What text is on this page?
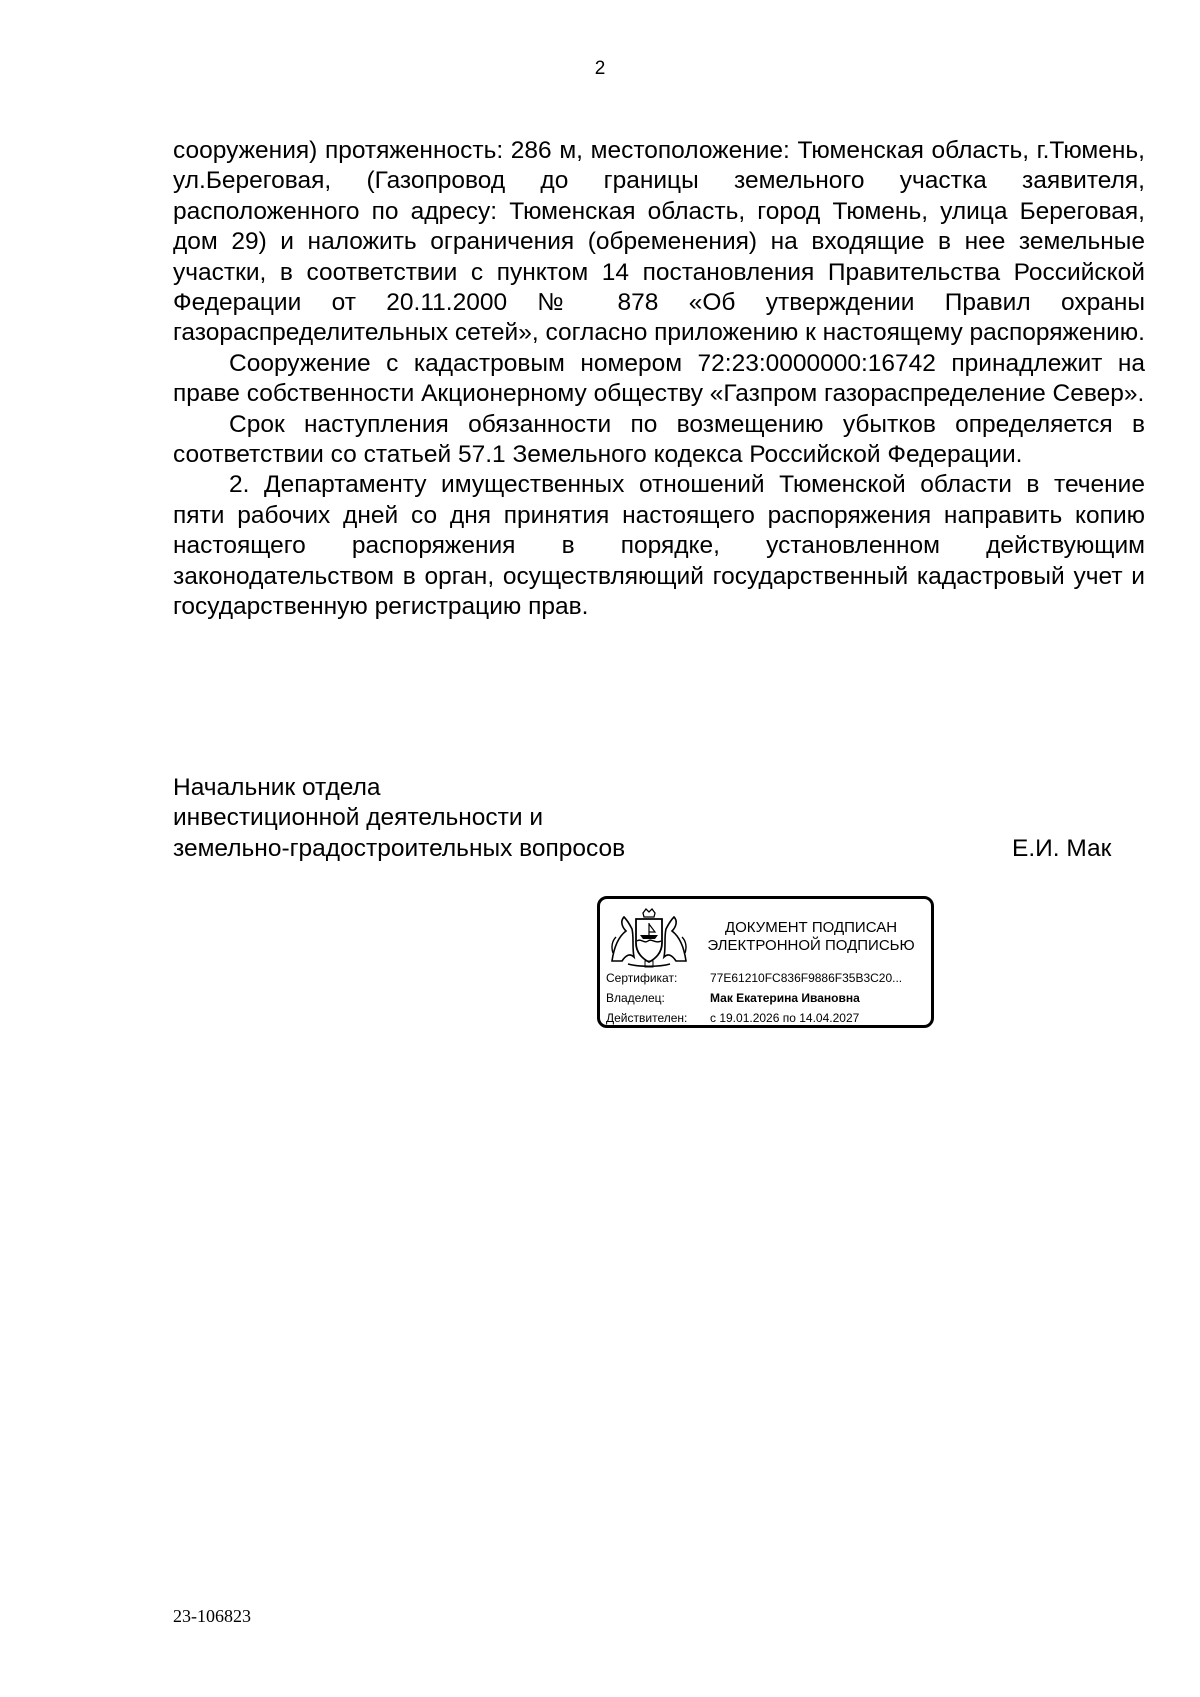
2

сооружения) протяженность: 286 м, местоположение: Тюменская область, г.Тюмень, ул.Береговая, (Газопровод до границы земельного участка заявителя, расположенного по адресу: Тюменская область, город Тюмень, улица Береговая, дом 29) и наложить ограничения (обременения) на входящие в нее земельные участки, в соответствии с пунктом 14 постановления Правительства Российской Федерации от 20.11.2000 № 878 «Об утверждении Правил охраны газораспределительных сетей», согласно приложению к настоящему распоряжению.

Сооружение с кадастровым номером 72:23:0000000:16742 принадлежит на праве собственности Акционерному обществу «Газпром газораспределение Север».

Срок наступления обязанности по возмещению убытков определяется в соответствии со статьей 57.1 Земельного кодекса Российской Федерации.

2. Департаменту имущественных отношений Тюменской области в течение пяти рабочих дней со дня принятия настоящего распоряжения направить копию настоящего распоряжения в порядке, установленном действующим законодательством в орган, осуществляющий государственный кадастровый учет и государственную регистрацию прав.

Начальник отдела
инвестиционной деятельности и
земельно-градостроительных вопросов	Е.И. Мак
ДОКУМЕНТ ПОДПИСАН
ЭЛЕКТРОННОЙ ПОДПИСЬЮ
Сертификат:	77E61210FC836F9886F35B3C20...
Владелец:	Мак Екатерина Ивановна
Действителен: с 19.01.2026 по 14.04.2027
23-106823
